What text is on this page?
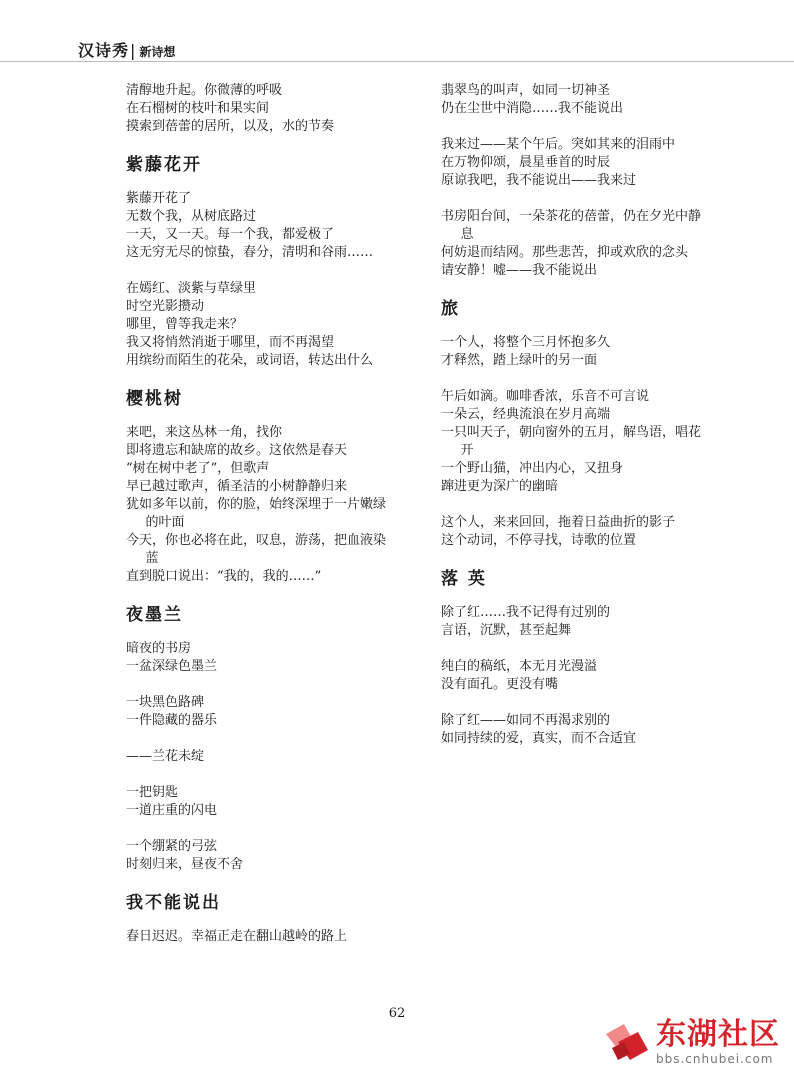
汉诗秀 | 新诗想
清醇地升起。你微薄的呼吸
在石榴树的枝叶和果实间
摸索到蓓蕾的居所，以及，水的节奏
紫藤花开
紫藤开花了
无数个我，从树底路过
一天，又一天。每一个我，都爱极了
这无穷无尽的惊蛰，春分，清明和谷雨……
在嫣红、淡紫与草绿里
时空光影攒动
哪里，曾等我走来？
我又将悄然消逝于哪里，而不再渴望
用缤纷而陌生的花朵，或词语，转达出什么
樱桃树
来吧，来这丛林一角，找你
即将遗忘和缺席的故乡。这依然是春天
“树在树中老了”，但歌声
早已越过歌声，循圣洁的小树静静归来
犹如多年以前，你的脸，始终深埋于一片嫩绿的叶面
今天，你也必将在此，叹息，游荡，把血液染蓝
直到脱口说出：“我的，我的……”
夜墨兰
暗夜的书房
一盆深绿色墨兰
一块黑色路碑
一件隐藏的器乐
——兰花未绽
一把钥匙
一道庄重的闪电
一个绷紧的弓弦
时刻归来，昼夜不舍
我不能说出
春日迟迟。幸福正走在翻山越岭的路上
翡翠鸟的叫声，如同一切神圣
仍在尘世中消隐……我不能说出
我来过——某个午后。突如其来的泪雨中
在万物仰颂，晨星垂首的时辰
原谅我吧，我不能说出——我来过
书房阳台间，一朵茶花的蓓蕾，仍在夕光中静息
何妨退而结网。那些悲苦，抑或欢欣的念头
请安静！嘘——我不能说出
旅
一个人，将整个三月怀抱多久
才释然，踏上绿叶的另一面
午后如滴。咖啡香浓，乐音不可言说
一朵云，经典流浪在岁月高端
一只叫天子，朝向窗外的五月，解鸟语，唱花开
一个野山猫，冲出内心，又扭身
蹿进更为深广的幽暗
这个人，来来回回，拖着日益曲折的影子
这个动词，不停寻找，诗歌的位置
落 英
除了红……我不记得有过别的
言语，沉默，甚至起舞
纯白的稿纸，本无月光漫溢
没有面孔。更没有嘴
除了红——如同不再渴求别的
如同持续的爱，真实，而不合适宜
62
东湖社区
bbs.cnhubei.com
